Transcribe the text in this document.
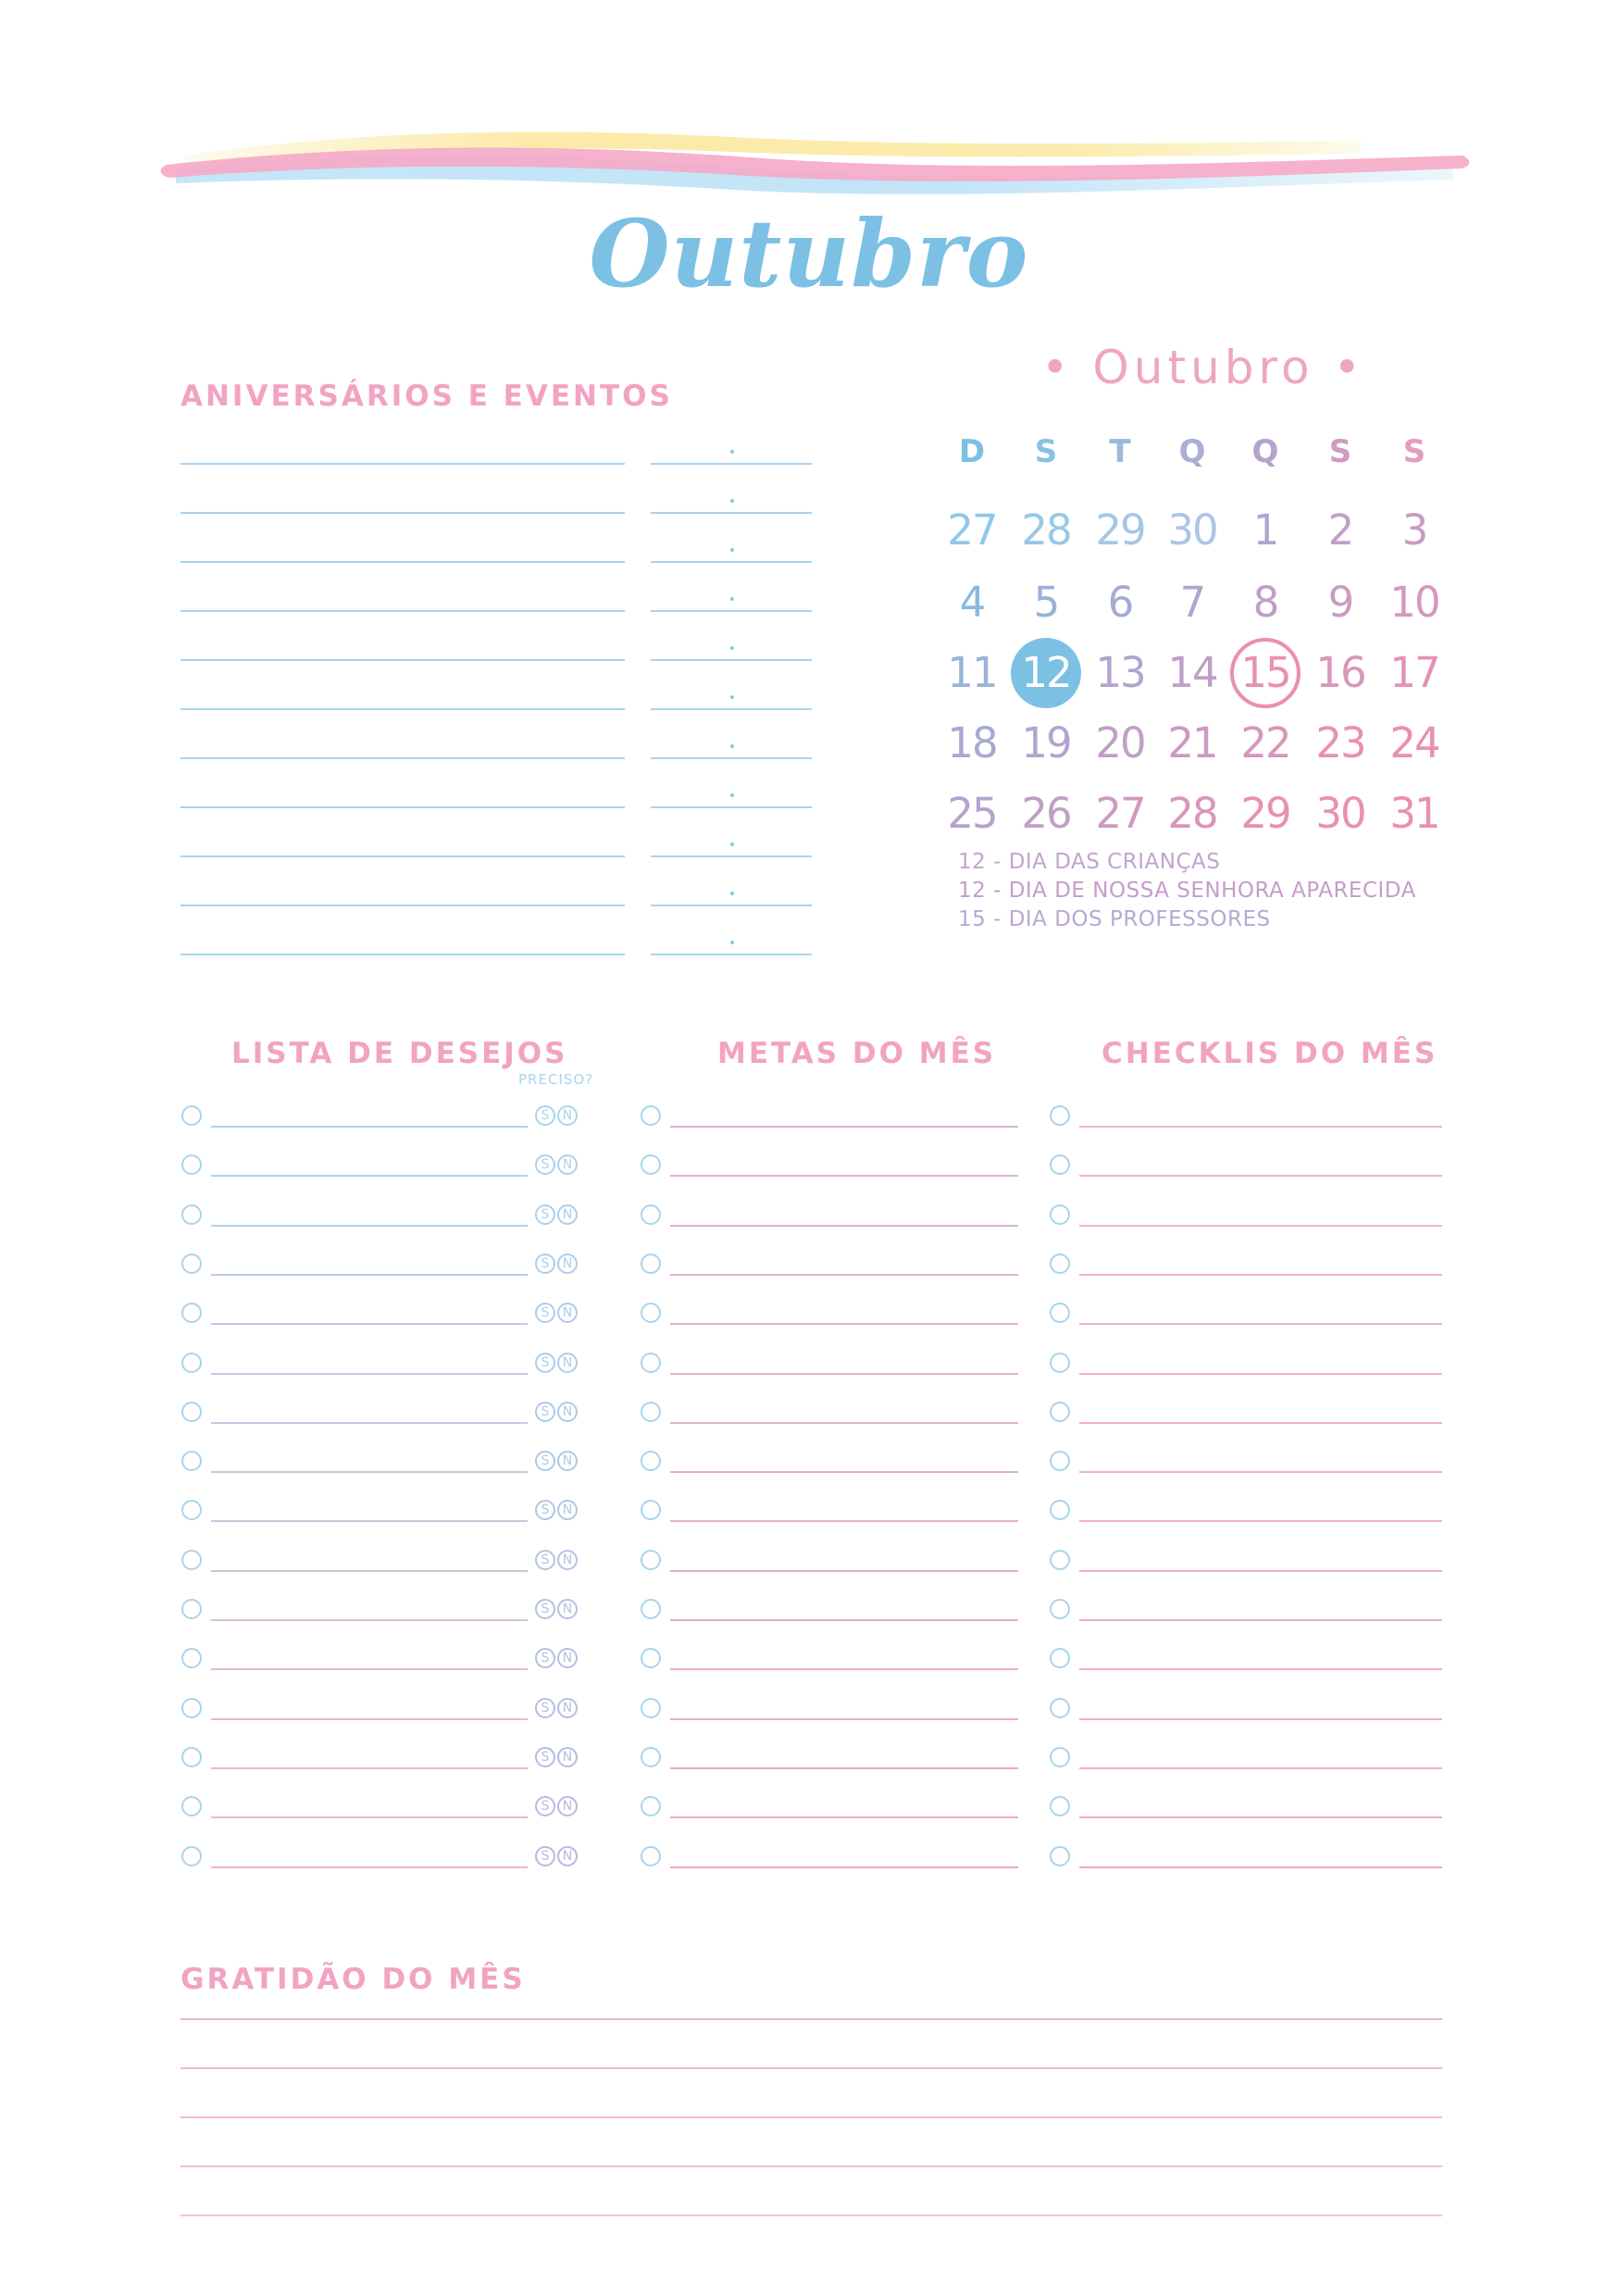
Outubro
ANIVERSÁRIOS E EVENTOS
• Outubro •
D	S	T	Q	Q	S	S
27 28 29 30 1	2	3
4	5	6	7	8	9 10
11 12 13 14 15 16 17
18 19 20 21 22 23 24
25 26 27 28 29 30 31
12 - DIA DAS CRIANÇAS
12 - DIA DE NOSSA SENHORA APARECIDA
15 - DIA DOS PROFESSORES
LISTA DE DESEJOS
PRECISO?
S	N
S	N
S	N
S	N
S	N
S	N
S	N
S	N
S	N
S	N
S	N
S	N
S	N
S	N
S	N
S	N
METAS DO MÊS	CHECKLIS DO MÊS
GRATIDÃO DO MÊS
